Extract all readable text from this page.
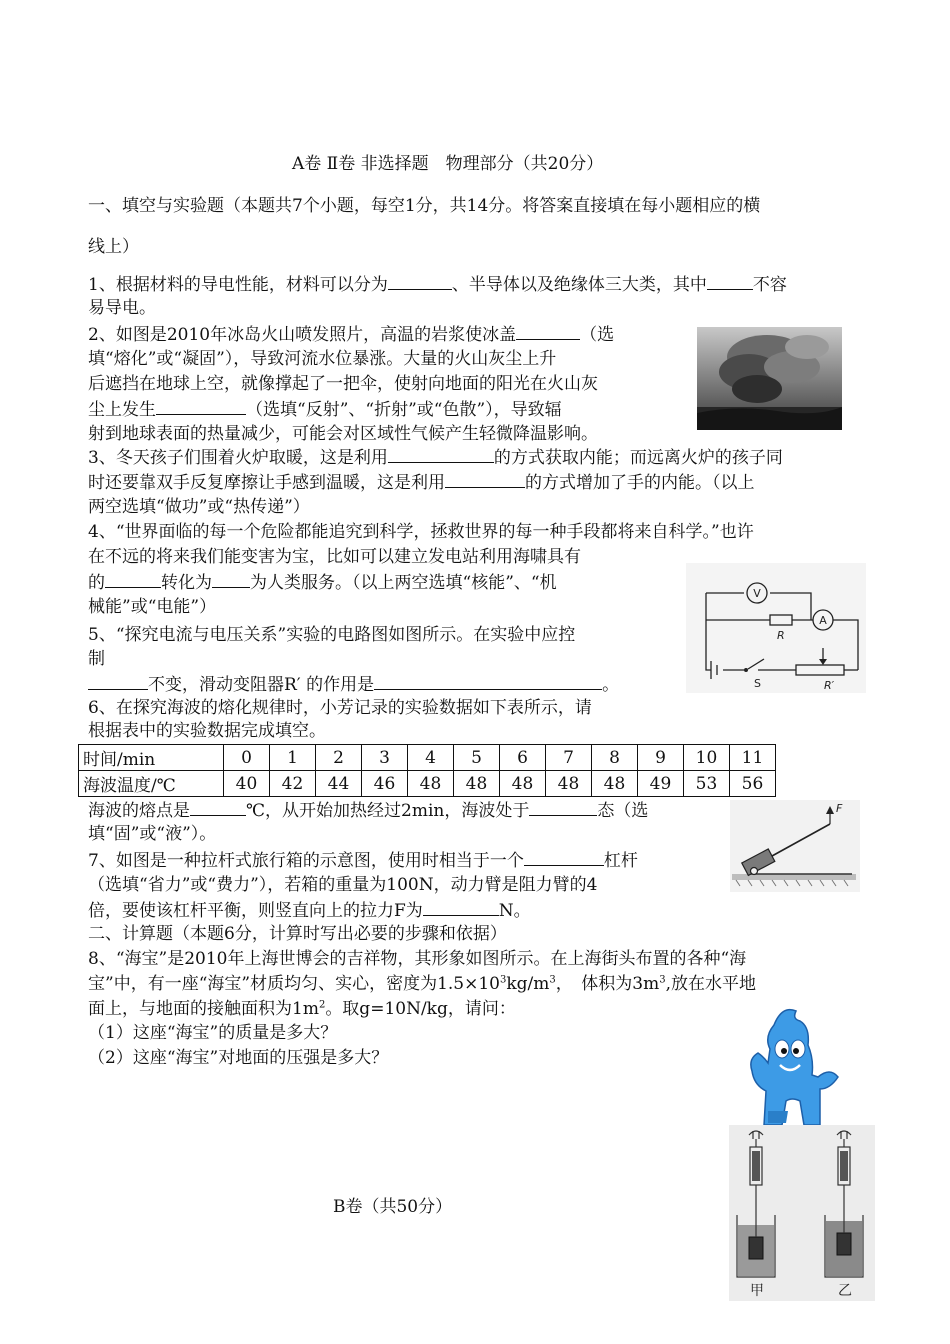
A卷 Ⅱ卷 非选择题　物理部分（共20分）
一、填空与实验题（本题共7个小题，每空1分，共14分。将答案直接填在每小题相应的横
线上）
1、根据材料的导电性能，材料可以分为	、半导体以及绝缘体三大类，其中	不容
易导电。
2、如图是2010年冰岛火山喷发照片，高温的岩浆使冰盖	（选
填“熔化”或“凝固”），导致河流水位暴涨。大量的火山灰尘上升
后遮挡在地球上空，就像撑起了一把伞，使射向地面的阳光在火山灰
尘上发生	（选填“反射”、“折射”或“色散”），导致辐
射到地球表面的热量减少，可能会对区域性气候产生轻微降温影响。
3、冬天孩子们围着火炉取暖，这是利用	的方式获取内能；而远离火炉的孩子同
时还要靠双手反复摩擦让手感到温暖，这是利用	的方式增加了手的内能。（以上
两空选填“做功”或“热传递”）
4、“世界面临的每一个危险都能追究到科学，拯救世界的每一种手段都将来自科学。”也许
在不远的将来我们能变害为宝，比如可以建立发电站利用海啸具有
的	转化为 为人类服务。（以上两空选填“核能”、“机
械能”或“电能”）
V
A
R
S	R′
5、“探究电流与电压关系”实验的电路图如图所示。在实验中应控
制
不变，滑动变阻器R′ 的作用是	。
6、在探究海波的熔化规律时，小芳记录的实验数据如下表所示，请
根据表中的实验数据完成填空。
时间/min	0	1	2	3	4	5	6	7	8	9	10	11
海波温度/℃	40	42	44	46	48	48	48	48	48	49	53	56
海波的熔点是	℃，从开始加热经过2min，海波处于	态（选
填“固”或“液”）。
F
7、如图是一种拉杆式旅行箱的示意图，使用时相当于一个	杠杆
（选填“省力”或“费力”），若箱的重量为100N，动力臂是阻力臂的4
倍，要使该杠杆平衡，则竖直向上的拉力F为	N。
二、计算题（本题6分，计算时写出必要的步骤和依据）
8、“海宝”是2010年上海世博会的吉祥物，其形象如图所示。在上海街头布置的各种“海
宝”中，有一座“海宝”材质均匀、实心，密度为$1.5\times 10^3kg/m^3$，　体积为$3m^3$,放在水平地
面上，与地面的接触面积为$1m^2$。取g=10N/kg，请问：
（1）这座“海宝”的质量是多大？
（2）这座“海宝”对地面的压强是多大？
B卷（共50分）
甲	乙
